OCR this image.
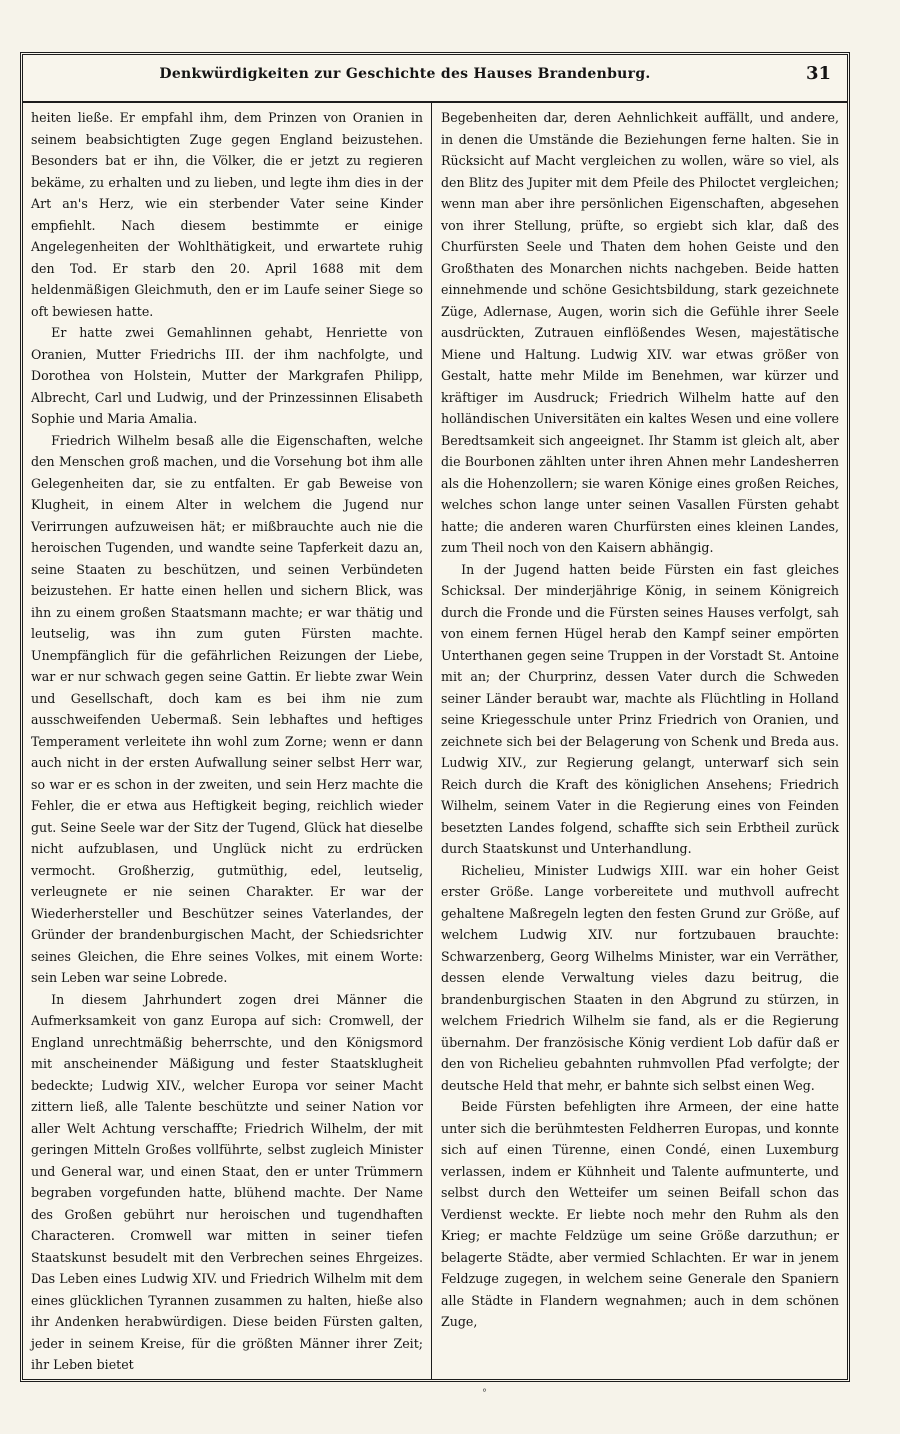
Denkwürdigkeiten zur Geschichte des Hauses Brandenburg.	31

heiten ließe. Er empfahl ihm, dem Prinzen von Oranien in seinem beabsichtigten Zuge gegen England beizustehen. Besonders bat er ihn, die Völker, die er jetzt zu regieren bekäme, zu erhalten und zu lieben, und legte ihm dies in der Art an's Herz, wie ein sterbender Vater seine Kinder empfiehlt. Nach diesem bestimmte er einige Angelegenheiten der Wohlthätigkeit, und erwartete ruhig den Tod. Er starb den 20. April 1688 mit dem heldenmäßigen Gleichmuth, den er im Laufe seiner Siege so oft bewiesen hatte.

Er hatte zwei Gemahlinnen gehabt, Henriette von Oranien, Mutter Friedrichs III. der ihm nachfolgte, und Dorothea von Holstein, Mutter der Markgrafen Philipp, Albrecht, Carl und Ludwig, und der Prinzessinnen Elisabeth Sophie und Maria Amalia.

Friedrich Wilhelm besaß alle die Eigenschaften, welche den Menschen groß machen, und die Vorsehung bot ihm alle Gelegenheiten dar, sie zu entfalten. Er gab Beweise von Klugheit, in einem Alter in welchem die Jugend nur Verirrungen aufzuweisen hät; er mißbrauchte auch nie die heroischen Tugenden, und wandte seine Tapferkeit dazu an, seine Staaten zu beschützen, und seinen Verbündeten beizustehen. Er hatte einen hellen und sichern Blick, was ihn zu einem großen Staatsmann machte; er war thätig und leutselig, was ihn zum guten Fürsten machte. Unempfänglich für die gefährlichen Reizungen der Liebe, war er nur schwach gegen seine Gattin. Er liebte zwar Wein und Gesellschaft, doch kam es bei ihm nie zum ausschweifenden Uebermaß. Sein lebhaftes und heftiges Temperament verleitete ihn wohl zum Zorne; wenn er dann auch nicht in der ersten Aufwallung seiner selbst Herr war, so war er es schon in der zweiten, und sein Herz machte die Fehler, die er etwa aus Heftigkeit beging, reichlich wieder gut. Seine Seele war der Sitz der Tugend, Glück hat dieselbe nicht aufzublasen, und Unglück nicht zu erdrücken vermocht. Großherzig, gutmüthig, edel, leutselig, verleugnete er nie seinen Charakter. Er war der Wiederhersteller und Beschützer seines Vaterlandes, der Gründer der brandenburgischen Macht, der Schiedsrichter seines Gleichen, die Ehre seines Volkes, mit einem Worte: sein Leben war seine Lobrede.

In diesem Jahrhundert zogen drei Männer die Aufmerksamkeit von ganz Europa auf sich: Cromwell, der England unrechtmäßig beherrschte, und den Königsmord mit anscheinender Mäßigung und fester Staatsklugheit bedeckte; Ludwig XIV., welcher Europa vor seiner Macht zittern ließ, alle Talente beschützte und seiner Nation vor aller Welt Achtung verschaffte; Friedrich Wilhelm, der mit geringen Mitteln Großes vollführte, selbst zugleich Minister und General war, und einen Staat, den er unter Trümmern begraben vorgefunden hatte, blühend machte. Der Name des Großen gebührt nur heroischen und tugendhaften Characteren. Cromwell war mitten in seiner tiefen Staatskunst besudelt mit den Verbrechen seines Ehrgeizes. Das Leben eines Ludwig XIV. und Friedrich Wilhelm mit dem eines glücklichen Tyrannen zusammen zu halten, hieße also ihr Andenken herabwürdigen. Diese beiden Fürsten galten, jeder in seinem Kreise, für die größten Männer ihrer Zeit; ihr Leben bietet

Begebenheiten dar, deren Aehnlichkeit auffällt, und andere, in denen die Umstände die Beziehungen ferne halten. Sie in Rücksicht auf Macht vergleichen zu wollen, wäre so viel, als den Blitz des Jupiter mit dem Pfeile des Philoctet vergleichen; wenn man aber ihre persönlichen Eigenschaften, abgesehen von ihrer Stellung, prüfte, so ergiebt sich klar, daß des Churfürsten Seele und Thaten dem hohen Geiste und den Großthaten des Monarchen nichts nachgeben. Beide hatten einnehmende und schöne Gesichtsbildung, stark gezeichnete Züge, Adlernase, Augen, worin sich die Gefühle ihrer Seele ausdrückten, Zutrauen einflößendes Wesen, majestätische Miene und Haltung. Ludwig XIV. war etwas größer von Gestalt, hatte mehr Milde im Benehmen, war kürzer und kräftiger im Ausdruck; Friedrich Wilhelm hatte auf den holländischen Universitäten ein kaltes Wesen und eine vollere Beredtsamkeit sich angeeignet. Ihr Stamm ist gleich alt, aber die Bourbonen zählten unter ihren Ahnen mehr Landesherren als die Hohenzollern; sie waren Könige eines großen Reiches, welches schon lange unter seinen Vasallen Fürsten gehabt hatte; die anderen waren Churfürsten eines kleinen Landes, zum Theil noch von den Kaisern abhängig.

In der Jugend hatten beide Fürsten ein fast gleiches Schicksal. Der minderjährige König, in seinem Königreich durch die Fronde und die Fürsten seines Hauses verfolgt, sah von einem fernen Hügel herab den Kampf seiner empörten Unterthanen gegen seine Truppen in der Vorstadt St. Antoine mit an; der Churprinz, dessen Vater durch die Schweden seiner Länder beraubt war, machte als Flüchtling in Holland seine Kriegesschule unter Prinz Friedrich von Oranien, und zeichnete sich bei der Belagerung von Schenk und Breda aus. Ludwig XIV., zur Regierung gelangt, unterwarf sich sein Reich durch die Kraft des königlichen Ansehens; Friedrich Wilhelm, seinem Vater in die Regierung eines von Feinden besetzten Landes folgend, schaffte sich sein Erbtheil zurück durch Staatskunst und Unterhandlung.

Richelieu, Minister Ludwigs XIII. war ein hoher Geist erster Größe. Lange vorbereitete und muthvoll aufrecht gehaltene Maßregeln legten den festen Grund zur Größe, auf welchem Ludwig XIV. nur fortzubauen brauchte: Schwarzenberg, Georg Wilhelms Minister, war ein Verräther, dessen elende Verwaltung vieles dazu beitrug, die brandenburgischen Staaten in den Abgrund zu stürzen, in welchem Friedrich Wilhelm sie fand, als er die Regierung übernahm. Der französische König verdient Lob dafür daß er den von Richelieu gebahnten ruhmvollen Pfad verfolgte; der deutsche Held that mehr, er bahnte sich selbst einen Weg.

Beide Fürsten befehligten ihre Armeen, der eine hatte unter sich die berühmtesten Feldherren Europas, und konnte sich auf einen Türenne, einen Condé, einen Luxemburg verlassen, indem er Kühnheit und Talente aufmunterte, und selbst durch den Wetteifer um seinen Beifall schon das Verdienst weckte. Er liebte noch mehr den Ruhm als den Krieg; er machte Feldzüge um seine Größe darzuthun; er belagerte Städte, aber vermied Schlachten. Er war in jenem Feldzuge zugegen, in welchem seine Generale den Spaniern alle Städte in Flandern wegnahmen; auch in dem schönen Zuge,

°
